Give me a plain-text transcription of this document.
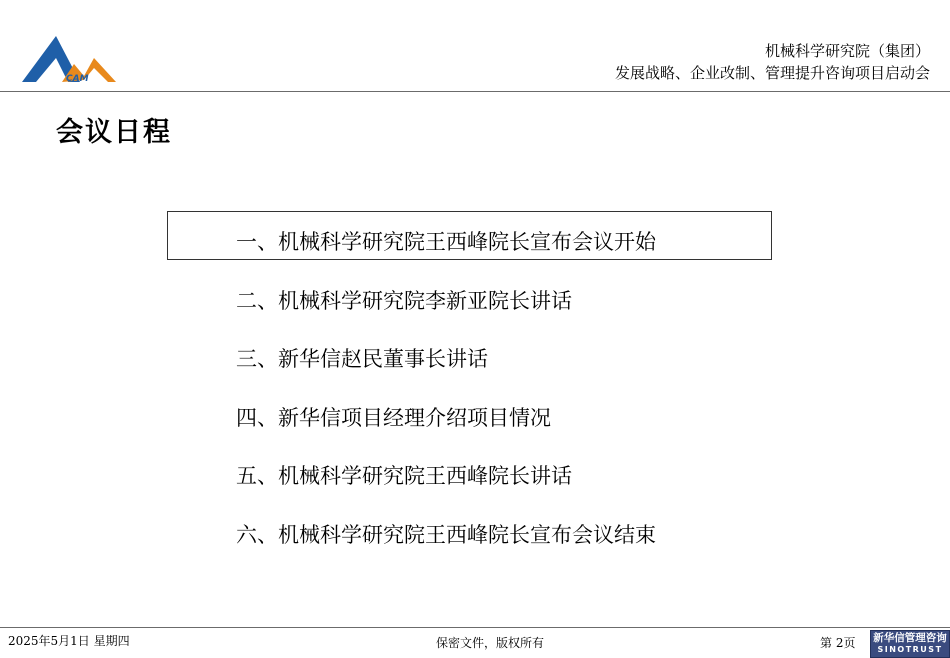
CAM
机械科学研究院（集团）
发展战略、企业改制、管理提升咨询项目启动会
会议日程
一、机械科学研究院王西峰院长宣布会议开始
二、机械科学研究院李新亚院长讲话
三、新华信赵民董事长讲话
四、新华信项目经理介绍项目情况
五、机械科学研究院王西峰院长讲话
六、机械科学研究院王西峰院长宣布会议结束
2025年5月1日 星期四	保密文件，版权所有	第 2页 新华信管理咨询
SINOTRUST
